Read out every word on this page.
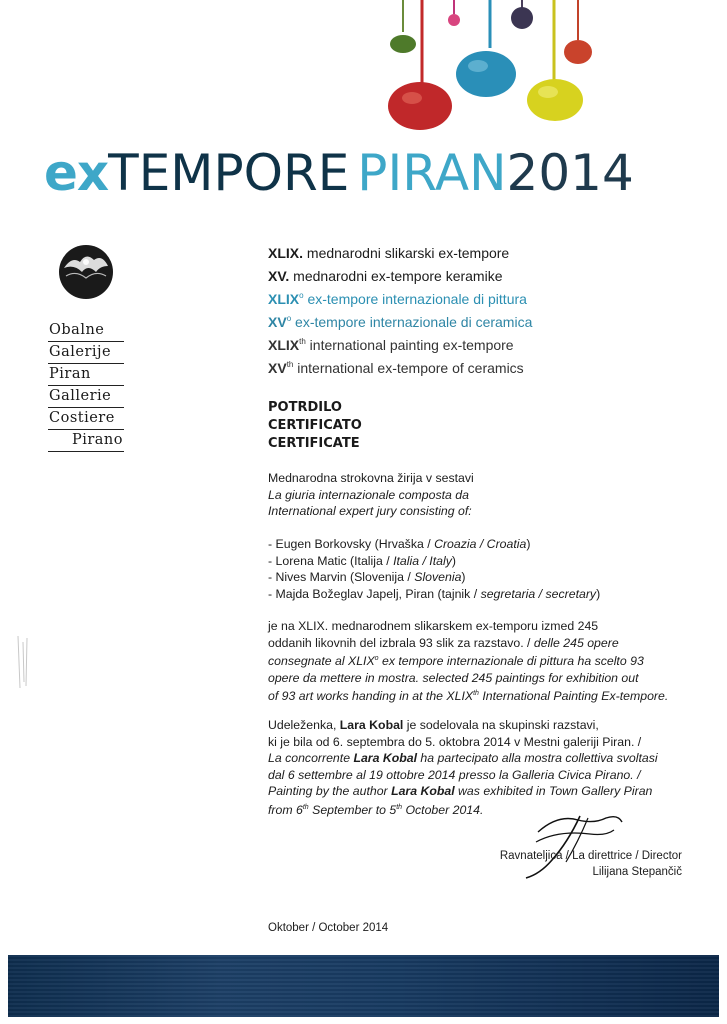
exTEMPORE PIRAN2014
Obalne
Galerije
Piran
Gallerie
Costiere
Pirano
XLIX. mednarodni slikarski ex-tempore
XV. mednarodni ex-tempore keramike
XLIX$^o$ ex-tempore internazionale di pittura
$XV^o$ ex-tempore internazionale di ceramica
XLIXth international painting ex-tempore
XVth international ex-tempore of ceramics
POTRDILO
CERTIFICATO
CERTIFICATE
Mednarodna strokovna žirija v sestavi
La giuria internazionale composta da
International expert jury consisting of:
- Eugen Borkovsky (Hrvaška / Croazia / Croatia)
- Lorena Matic (Italija / Italia / Italy)
- Nives Marvin (Slovenija / Slovenia)
- Majda Božeglav Japelj, Piran (tajnik / segretaria / secretary)
je na XLIX. mednarodnem slikarskem ex-temporu izmed 245
oddanih likovnih del izbrala 93 slik za razstavo. / delle 245 opere
consegnate al XLIX$^o$ ex tempore internazionale di pittura ha scelto 93
opere da mettere in mostra. selected 245 paintings for exhibition out
of 93 art works handing in at the XLIXth International Painting Ex-tempore.
Udeleženka, Lara Kobal je sodelovala na skupinski razstavi,
ki je bila od 6. septembra do 5. oktobra 2014 v Mestni galeriji Piran. /
La concorrente Lara Kobal ha partecipato alla mostra collettiva svoltasi
dal 6 settembre al 19 ottobre 2014 presso la Galleria Civica Pirano. /
Painting by the author Lara Kobal was exhibited in Town Gallery Piran
from 6th September to 5th October 2014.
Ravnateljica / La direttrice / Director
Lilijana Stepančič
Oktober / October 2014
